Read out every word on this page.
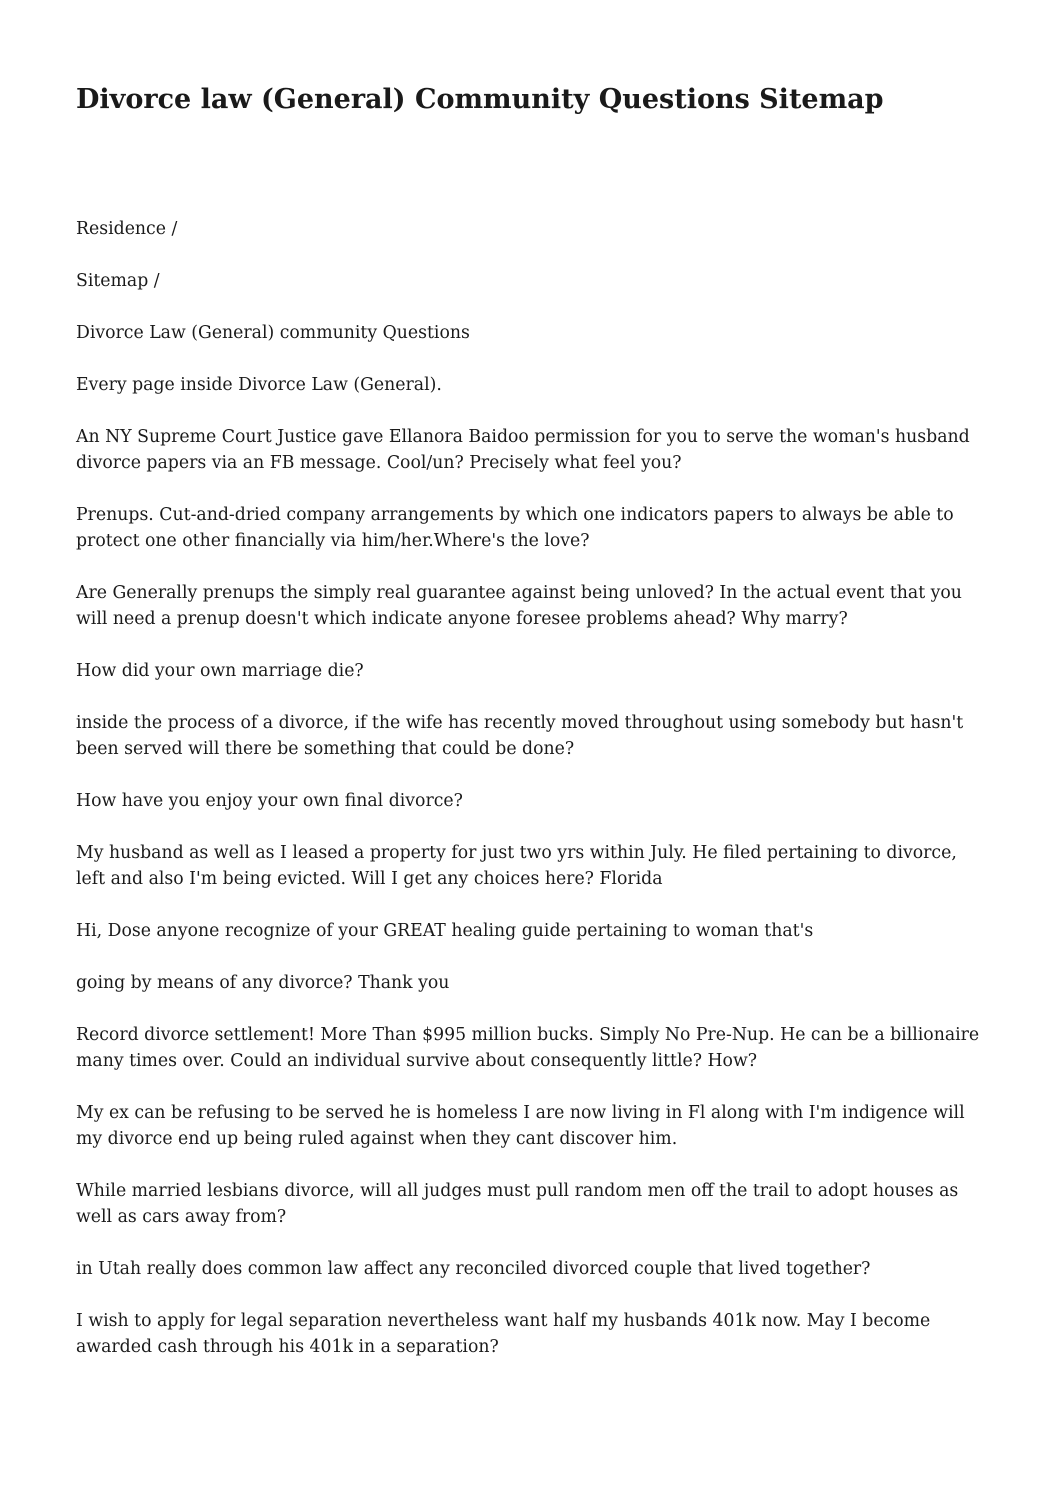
Divorce law (General) Community Questions Sitemap

Residence /

Sitemap /

Divorce Law (General) community Questions

Every page inside Divorce Law (General).

An NY Supreme Court Justice gave Ellanora Baidoo permission for you to serve the woman's husband divorce papers via an FB message. Cool/un? Precisely what feel you?

Prenups. Cut-and-dried company arrangements by which one indicators papers to always be able to protect one other financially via him/her.Where's the love?

Are Generally prenups the simply real guarantee against being unloved? In the actual event that you will need a prenup doesn't which indicate anyone foresee problems ahead? Why marry?

How did your own marriage die?

inside the process of a divorce, if the wife has recently moved throughout using somebody but hasn't been served will there be something that could be done?

How have you enjoy your own final divorce?

My husband as well as I leased a property for just two yrs within July. He filed pertaining to divorce, left and also I'm being evicted. Will I get any choices here? Florida

Hi, Dose anyone recognize of your GREAT healing guide pertaining to woman that's

going by means of any divorce? Thank you

Record divorce settlement! More Than $995 million bucks. Simply No Pre-Nup. He can be a billionaire many times over. Could an individual survive about consequently little? How?

My ex can be refusing to be served he is homeless I are now living in Fl along with I'm indigence will my divorce end up being ruled against when they cant discover him.

While married lesbians divorce, will all judges must pull random men off the trail to adopt houses as well as cars away from?

in Utah really does common law affect any reconciled divorced couple that lived together?

I wish to apply for legal separation nevertheless want half my husbands 401k now. May I become awarded cash through his 401k in a separation?
